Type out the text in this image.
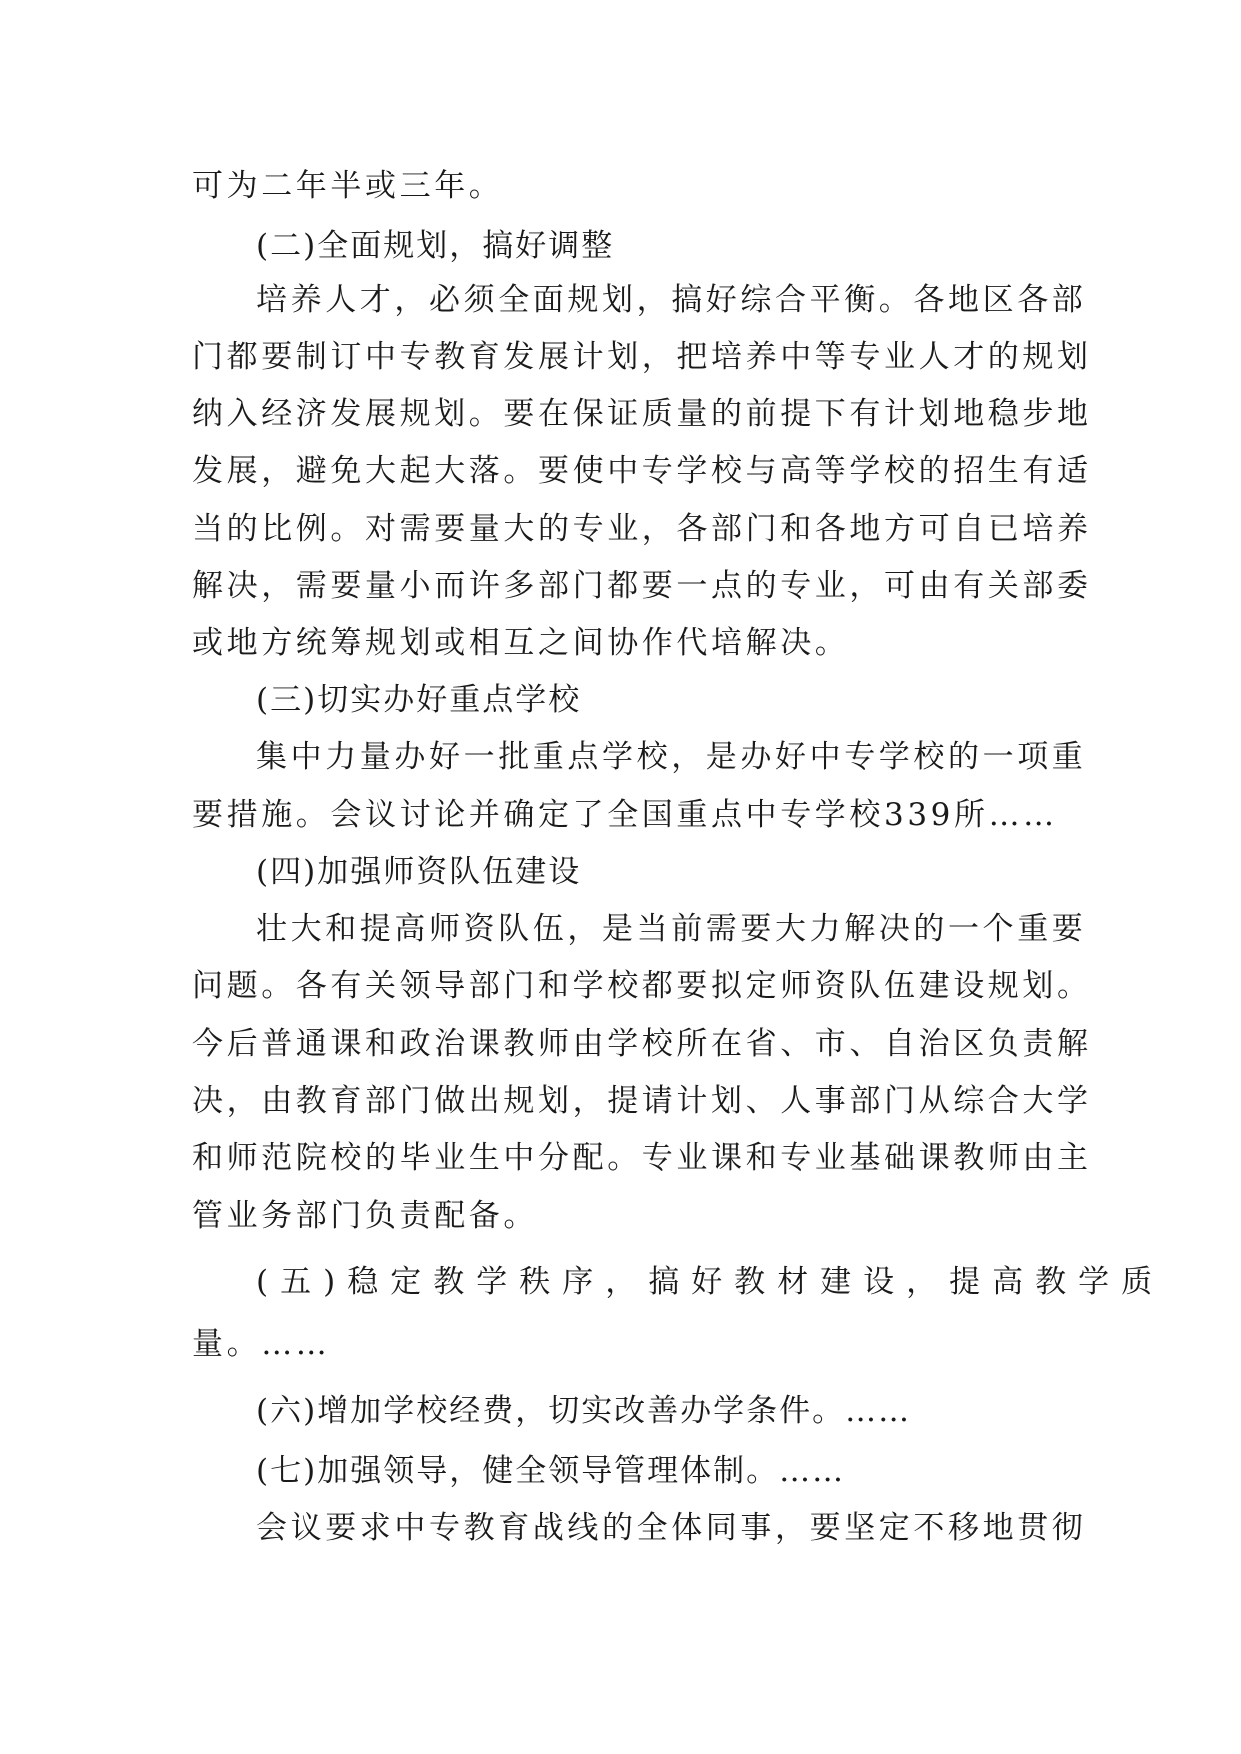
可为二年半或三年。
(二)全面规划，搞好调整
培养人才，必须全面规划，搞好综合平衡。各地区各部
门都要制订中专教育发展计划，把培养中等专业人才的规划
纳入经济发展规划。要在保证质量的前提下有计划地稳步地
发展，避免大起大落。要使中专学校与高等学校的招生有适
当的比例。对需要量大的专业，各部门和各地方可自已培养
解决，需要量小而许多部门都要一点的专业，可由有关部委
或地方统筹规划或相互之间协作代培解决。
(三)切实办好重点学校
集中力量办好一批重点学校，是办好中专学校的一项重
要措施。会议讨论并确定了全国重点中专学校339所……
(四)加强师资队伍建设
壮大和提高师资队伍，是当前需要大力解决的一个重要
问题。各有关领导部门和学校都要拟定师资队伍建设规划。
今后普通课和政治课教师由学校所在省、市、自治区负责解
决，由教育部门做出规划，提请计划、人事部门从综合大学
和师范院校的毕业生中分配。专业课和专业基础课教师由主
管业务部门负责配备。
(五)稳定教学秩序，搞好教材建设，提高教学质
量。……
(六)增加学校经费，切实改善办学条件。……
(七)加强领导，健全领导管理体制。……
会议要求中专教育战线的全体同事，要坚定不移地贯彻
